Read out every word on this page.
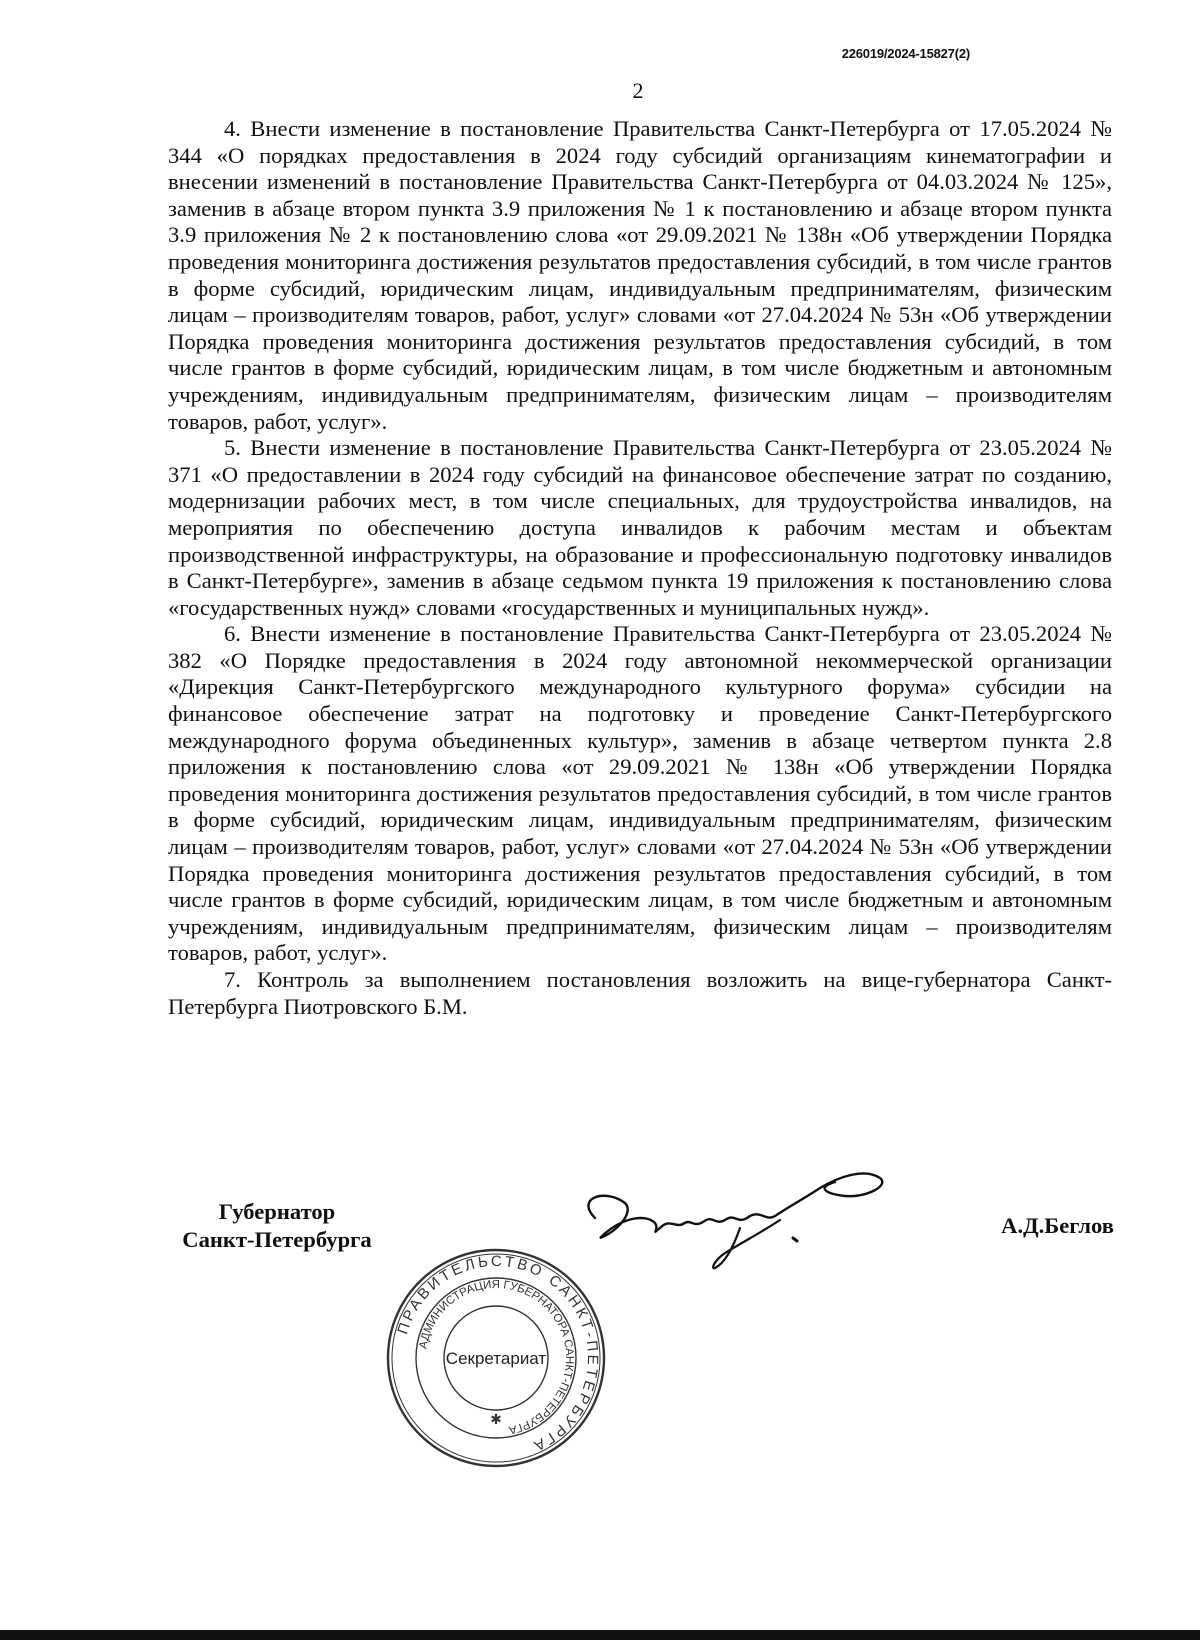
226019/2024-15827(2)
2

4. Внести изменение в постановление Правительства Санкт-Петербурга от 17.05.2024 № 344 «О порядках предоставления в 2024 году субсидий организациям кинематографии и внесении изменений в постановление Правительства Санкт-Петербурга от 04.03.2024 № 125», заменив в абзаце втором пункта 3.9 приложения № 1 к постановлению и абзаце втором пункта 3.9 приложения № 2 к постановлению слова «от 29.09.2021 № 138н «Об утверждении Порядка проведения мониторинга достижения результатов предоставления субсидий, в том числе грантов в форме субсидий, юридическим лицам, индивидуальным предпринимателям, физическим лицам – производителям товаров, работ, услуг» словами «от 27.04.2024 № 53н «Об утверждении Порядка проведения мониторинга достижения результатов предоставления субсидий, в том числе грантов в форме субсидий, юридическим лицам, в том числе бюджетным и автономным учреждениям, индивидуальным предпринимателям, физическим лицам – производителям товаров, работ, услуг».

5. Внести изменение в постановление Правительства Санкт-Петербурга от 23.05.2024 № 371 «О предоставлении в 2024 году субсидий на финансовое обеспечение затрат по созданию, модернизации рабочих мест, в том числе специальных, для трудоустройства инвалидов, на мероприятия по обеспечению доступа инвалидов к рабочим местам и объектам производственной инфраструктуры, на образование и профессиональную подготовку инвалидов в Санкт-Петербурге», заменив в абзаце седьмом пункта 19 приложения к постановлению слова «государственных нужд» словами «государственных и муниципальных нужд».

6. Внести изменение в постановление Правительства Санкт-Петербурга от 23.05.2024 № 382 «О Порядке предоставления в 2024 году автономной некоммерческой организации «Дирекция Санкт-Петербургского международного культурного форума» субсидии на финансовое обеспечение затрат на подготовку и проведение Санкт-Петербургского международного форума объединенных культур», заменив в абзаце четвертом пункта 2.8 приложения к постановлению слова «от 29.09.2021 № 138н «Об утверждении Порядка проведения мониторинга достижения результатов предоставления субсидий, в том числе грантов в форме субсидий, юридическим лицам, индивидуальным предпринимателям, физическим лицам – производителям товаров, работ, услуг» словами «от 27.04.2024 № 53н «Об утверждении Порядка проведения мониторинга достижения результатов предоставления субсидий, в том числе грантов в форме субсидий, юридическим лицам, в том числе бюджетным и автономным учреждениям, индивидуальным предпринимателям, физическим лицам – производителям товаров, работ, услуг».

7. Контроль за выполнением постановления возложить на вице-губернатора Санкт-Петербурга Пиотровского Б.М.

Губернатор
Санкт-Петербурга
А.Д.Беглов
ПРАВИТЕЛЬСТВО САНКТ-ПЕТЕРБУРГА
АДМИНИСТРАЦИЯ ГУБЕРНАТОРА САНКТ-ПЕТЕРБУРГА
Секретариат
✱
